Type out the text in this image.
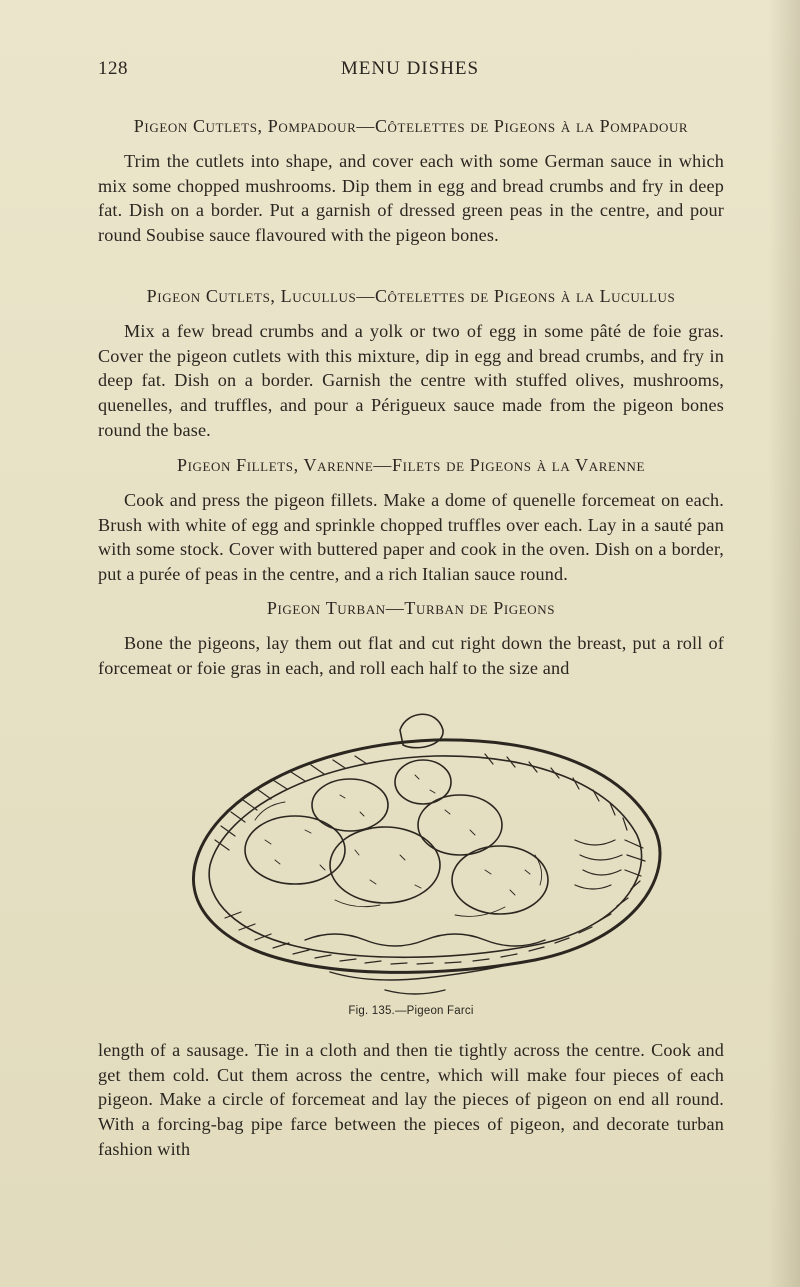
128	MENU DISHES

Pigeon Cutlets, Pompadour—Côtelettes de Pigeons à la Pompadour

Trim the cutlets into shape, and cover each with some German sauce in which mix some chopped mushrooms. Dip them in egg and bread crumbs and fry in deep fat. Dish on a border. Put a garnish of dressed green peas in the centre, and pour round Soubise sauce flavoured with the pigeon bones.

Pigeon Cutlets, Lucullus—Côtelettes de Pigeons à la Lucullus

Mix a few bread crumbs and a yolk or two of egg in some pâté de foie gras. Cover the pigeon cutlets with this mixture, dip in egg and bread crumbs, and fry in deep fat. Dish on a border. Garnish the centre with stuffed olives, mushrooms, quenelles, and truffles, and pour a Périgueux sauce made from the pigeon bones round the base.

Pigeon Fillets, Varenne—Filets de Pigeons à la Varenne

Cook and press the pigeon fillets. Make a dome of quenelle forcemeat on each. Brush with white of egg and sprinkle chopped truffles over each. Lay in a sauté pan with some stock. Cover with buttered paper and cook in the oven. Dish on a border, put a purée of peas in the centre, and a rich Italian sauce round.

Pigeon Turban—Turban de Pigeons

Bone the pigeons, lay them out flat and cut right down the breast, put a roll of forcemeat or foie gras in each, and roll each half to the size and

Fig. 135.—Pigeon Farci

length of a sausage. Tie in a cloth and then tie tightly across the centre. Cook and get them cold. Cut them across the centre, which will make four pieces of each pigeon. Make a circle of forcemeat and lay the pieces of pigeon on end all round. With a forcing-bag pipe farce between the pieces of pigeon, and decorate turban fashion with
